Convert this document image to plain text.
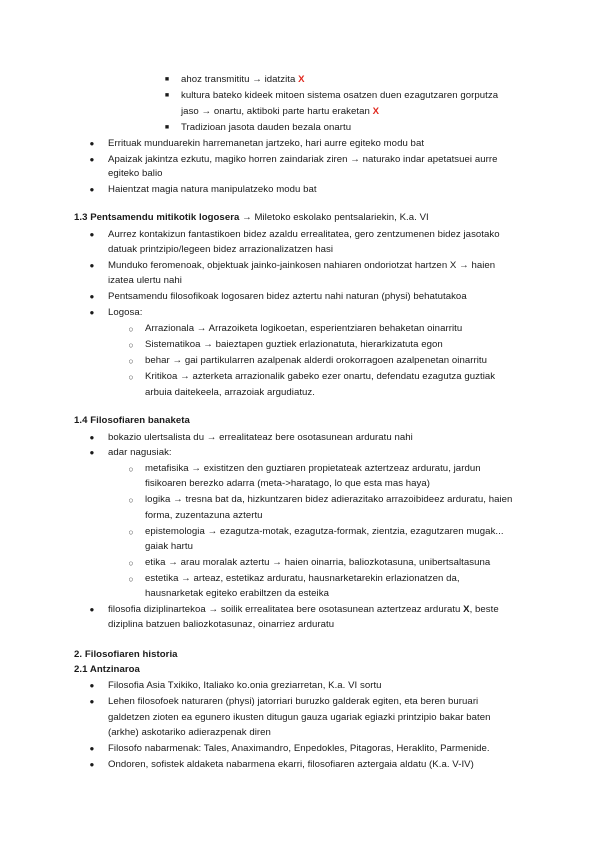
■ ahoz transmititu → idatzita X
■ kultura bateko kideek mitoen sistema osatzen duen ezagutzaren gorputza
jaso → onartu, aktiboki parte hartu eraketan X
■ Tradizioan jasota dauden bezala onartu
● Errituak munduarekin harremanetan jartzeko, hari aurre egiteko modu bat
● Apaizak jakintza ezkutu, magiko horren zaindariak ziren → naturako indar apetatsuei aurre
egiteko balio
● Haientzat magia natura manipulatzeko modu bat
1.3 Pentsamendu mitikotik logosera → Miletoko eskolako pentsalariekin, K.a. VI
● Aurrez kontakizun fantastikoen bidez azaldu errealitatea, gero zentzumenen bidez jasotako
datuak printzipio/legeen bidez arrazionalizatzen hasi
● Munduko feromenoak, objektuak jainko-jainkosen nahiaren ondoriotzat hartzen X → haien
izatea ulertu nahi
● Pentsamendu filosofikoak logosaren bidez aztertu nahi naturan (physi) behatutakoa
● Logosa:
○ Arrazionala → Arrazoiketa logikoetan, esperientziaren behaketan oinarritu
○ Sistematikoa → baieztapen guztiek erlazionatuta, hierarkizatuta egon
○ behar → gai partikularren azalpenak alderdi orokorragoen azalpenetan oinarritu
○ Kritikoa → azterketa arrazionalik gabeko ezer onartu, defendatu ezagutza guztiak
arbuia daitekeela, arrazoiak argudiatuz.
1.4 Filosofiaren banaketa
● bokazio ulertsalista du → errealitateaz bere osotasunean arduratu nahi
● adar nagusiak:
○ metafisika → existitzen den guztiaren propietateak aztertzeaz arduratu, jardun
fisikoaren berezko adarra (meta->haratago, lo que esta mas haya)
○ logika → tresna bat da, hizkuntzaren bidez adierazitako arrazoibideez arduratu, haien
forma, zuzentazuna aztertu
○ epistemologia → ezagutza-motak, ezagutza-formak, zientzia, ezagutzaren mugak...
gaiak hartu
○ etika → arau moralak aztertu → haien oinarria, baliozkotasuna, unibertsaltasuna
○ estetika → arteaz, estetikaz arduratu, hausnarketarekin erlazionatzen da,
hausnarketak egiteko erabiltzen da esteika
● filosofia diziplinartekoa → soilik errealitatea bere osotasunean aztertzeaz arduratu X, beste
diziplina batzuen baliozkotasunaz, oinarriez arduratu
2. Filosofiaren historia
2.1 Antzinaroa
● Filosofia Asia Txikiko, Italiako ko.onia greziarretan, K.a. VI sortu
● Lehen filosofoek naturaren (physi) jatorriari buruzko galderak egiten, eta beren buruari
galdetzen zioten ea egunero ikusten ditugun gauza ugariak egiazki printzipio bakar baten
(arkhe) askotariko adierazpenak diren
● Filosofo nabarmenak: Tales, Anaximandro, Enpedokles, Pitagoras, Heraklito, Parmenide.
● Ondoren, sofistek aldaketa nabarmena ekarri, filosofiaren aztergaia aldatu (K.a. V-IV)
